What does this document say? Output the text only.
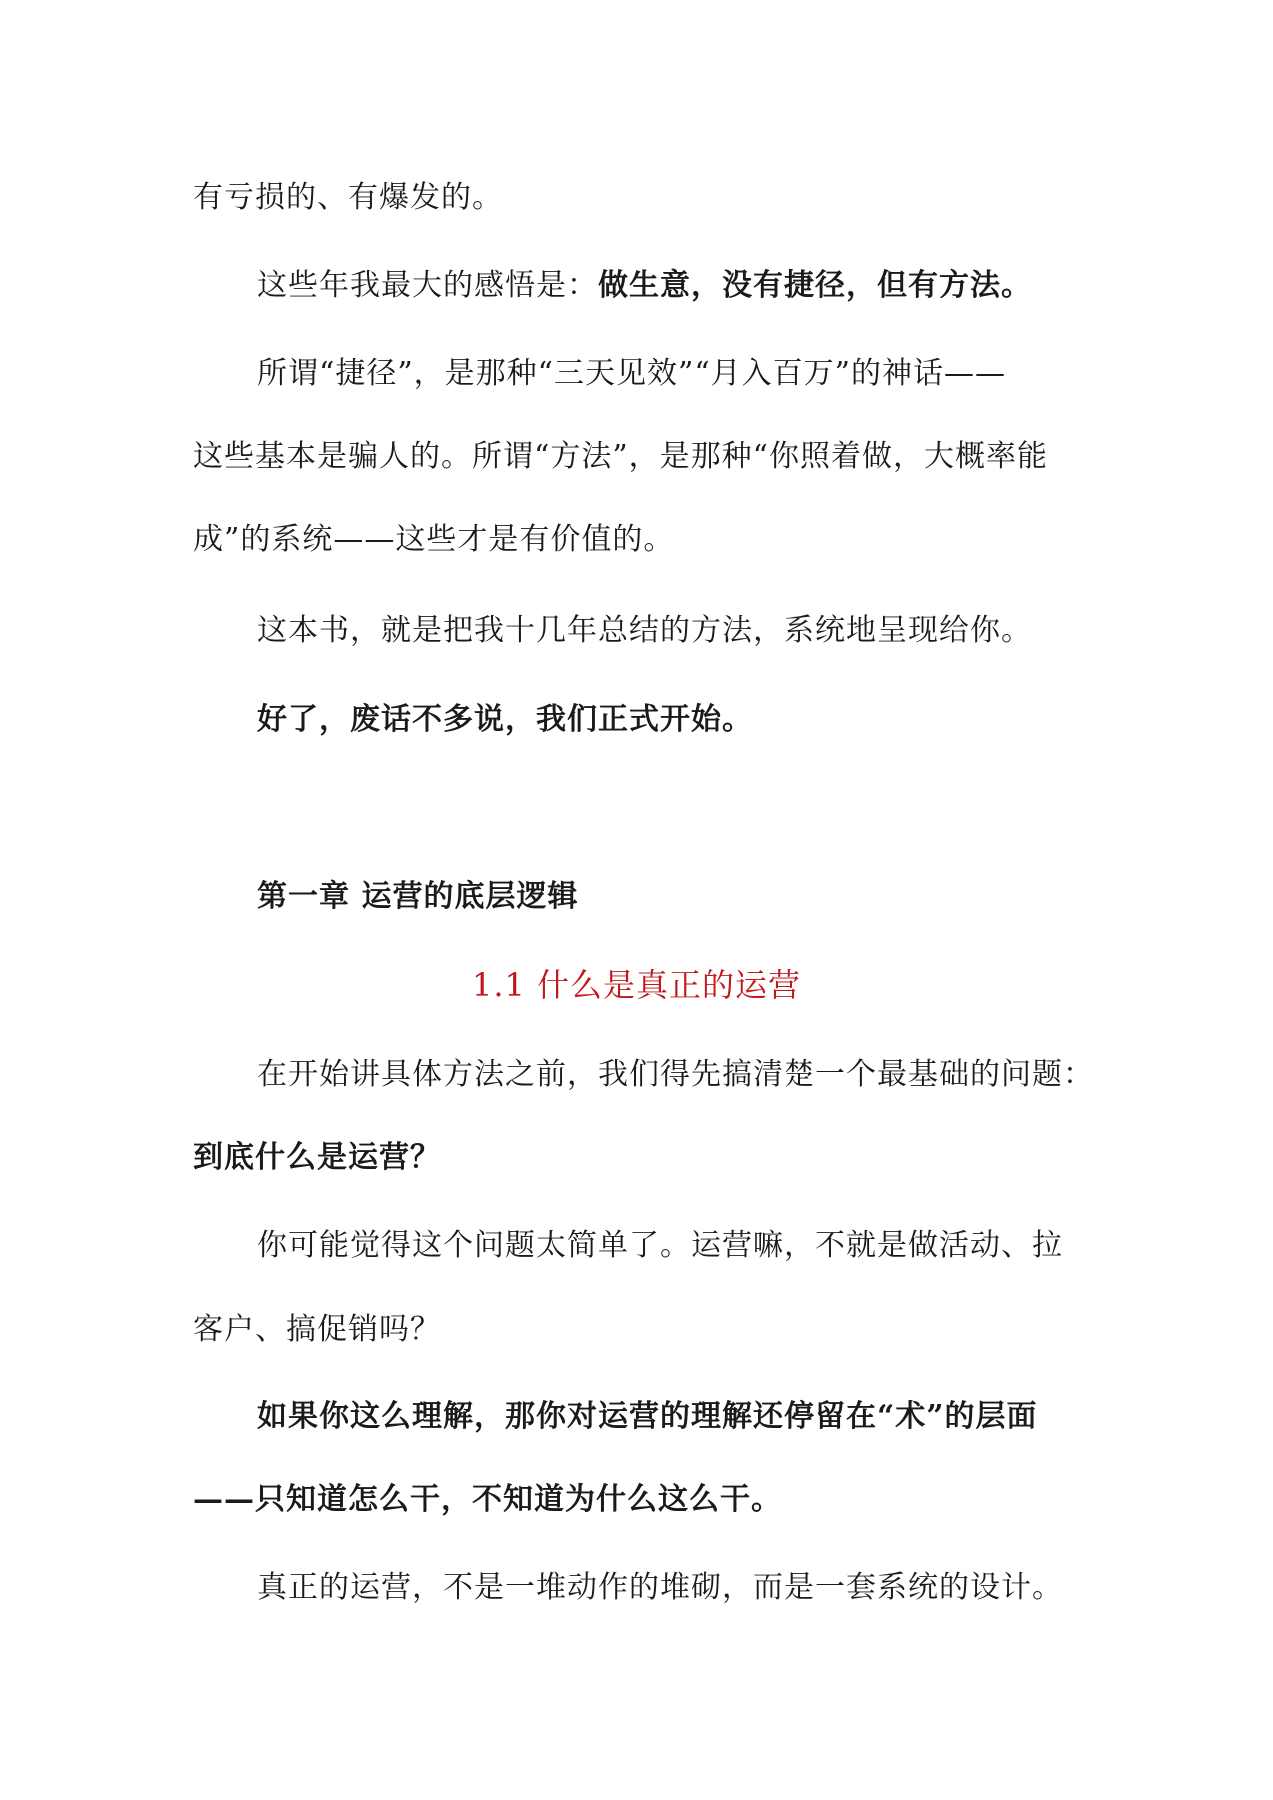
有亏损的、有爆发的。
这些年我最大的感悟是：做生意，没有捷径，但有方法。
所谓“捷径”，是那种“三天见效”“月入百万”的神话——
这些基本是骗人的。所谓“方法”，是那种“你照着做，大概率能
成”的系统——这些才是有价值的。
这本书，就是把我十几年总结的方法，系统地呈现给你。
好了，废话不多说，我们正式开始。
第一章 运营的底层逻辑
1.1 什么是真正的运营
在开始讲具体方法之前，我们得先搞清楚一个最基础的问题：
到底什么是运营？
你可能觉得这个问题太简单了。运营嘛，不就是做活动、拉
客户、搞促销吗？
如果你这么理解，那你对运营的理解还停留在“术”的层面
——只知道怎么干，不知道为什么这么干。
真正的运营，不是一堆动作的堆砌，而是一套系统的设计。
